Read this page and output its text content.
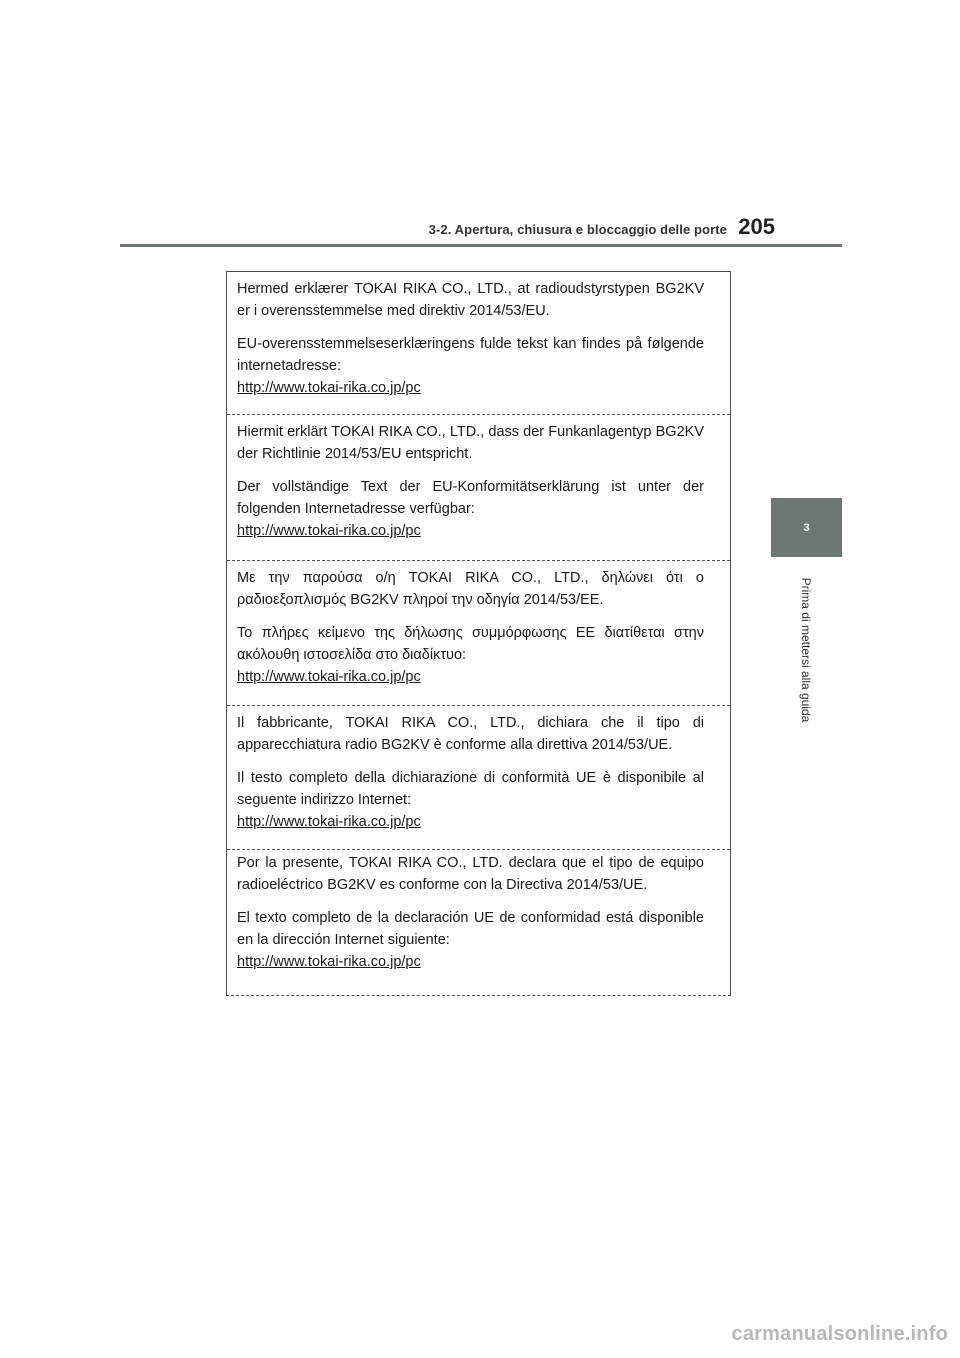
3-2. Apertura, chiusura e bloccaggio delle porte 205
3
Prima di mettersi alla guida

Hermed erklærer TOKAI RIKA CO., LTD., at radioudstyrstypen BG2KV er i overensstemmelse med direktiv 2014/53/EU.

EU-overensstemmelseserklæringens fulde tekst kan findes på følgende internetadresse:

http://www.tokai-rika.co.jp/pc

Hiermit erklärt TOKAI RIKA CO., LTD., dass der Funkanlagentyp BG2KV der Richtlinie 2014/53/EU entspricht.

Der vollständige Text der EU-Konformitätserklärung ist unter der folgenden Internetadresse verfügbar:

http://www.tokai-rika.co.jp/pc

Με την παρούσα ο/η TOKAI RIKA CO., LTD., δηλώνει ότι ο ραδιοεξοπλισμός BG2KV πληροί την οδηγία 2014/53/ΕΕ.

Το πλήρες κείμενο της δήλωσης συμμόρφωσης ΕΕ διατίθεται στην ακόλουθη ιστοσελίδα στο διαδίκτυο:

http://www.tokai-rika.co.jp/pc

Il fabbricante, TOKAI RIKA CO., LTD., dichiara che il tipo di apparecchiatura radio BG2KV è conforme alla direttiva 2014/53/UE.

Il testo completo della dichiarazione di conformità UE è disponibile al seguente indirizzo Internet:

http://www.tokai-rika.co.jp/pc

Por la presente, TOKAI RIKA CO., LTD. declara que el tipo de equipo radioeléctrico BG2KV es conforme con la Directiva 2014/53/UE.

El texto completo de la declaración UE de conformidad está disponible en la dirección Internet siguiente:

http://www.tokai-rika.co.jp/pc

carmanualsonline.info
